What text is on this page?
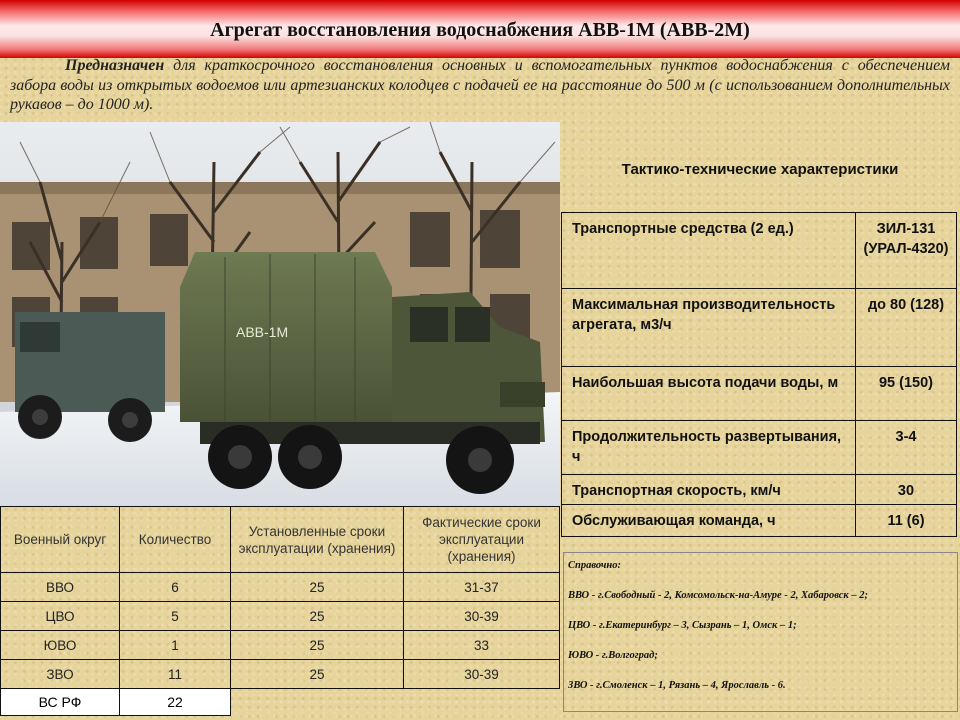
Агрегат восстановления водоснабжения АВВ-1М (АВВ-2М)
Предназначен для краткосрочного восстановления основных и вспомогательных пунктов водоснабжения с обеспечением забора воды из открытых водоемов или артезианских колодцев с подачей ее на расстояние до 500 м (с использованием дополнительных рукавов – до 1000 м).
АВВ-1М
Тактико-технические характеристики
Транспортные средства (2 ед.)	ЗИЛ-131 (УРАЛ-4320)
Максимальная производительность агрегата, м3/ч	до 80 (128)
Наибольшая высота подачи воды, м	95 (150)
Продолжительность развертывания, ч	3-4
Транспортная скорость, км/ч	30
Обслуживающая команда, ч	11 (6)
Военный округ	Количество	Установленные сроки эксплуатации (хранения)	Фактические сроки эксплуатации (хранения)
ВВО	6	25	31-37
ЦВО	5	25	30-39
ЮВО	1	25	33
ЗВО	11	25	30-39
ВС РФ	22		

Справочно:

ВВО - г.Свободный - 2, Комсомольск-на-Амуре - 2, Хабаровск – 2;

ЦВО - г.Екатеринбург – 3, Сызрань – 1, Омск – 1;

ЮВО - г.Волгоград;

ЗВО - г.Смоленск – 1, Рязань – 4, Ярославль - 6.
